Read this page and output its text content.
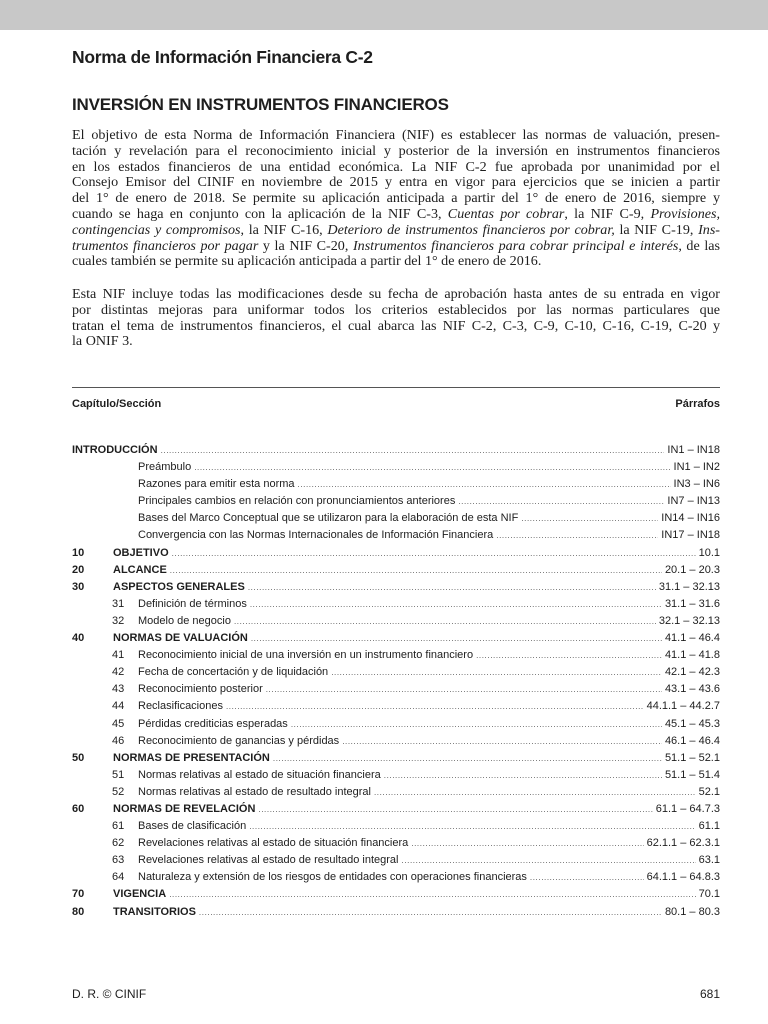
Norma de Información Financiera C-2
INVERSIÓN EN INSTRUMENTOS FINANCIEROS
El objetivo de esta Norma de Información Financiera (NIF) es establecer las normas de valuación, presen-
tación y revelación para el reconocimiento inicial y posterior de la inversión en instrumentos financieros
en los estados financieros de una entidad económica. La NIF C-2 fue aprobada por unanimidad por el
Consejo Emisor del CINIF en noviembre de 2015 y entra en vigor para ejercicios que se inicien a partir
del 1° de enero de 2018. Se permite su aplicación anticipada a partir del 1° de enero de 2016, siempre y
cuando se haga en conjunto con la aplicación de la NIF C-3, Cuentas por cobrar, la NIF C-9, Provisiones,
contingencias y compromisos, la NIF C-16, Deterioro de instrumentos financieros por cobrar, la NIF C-19, Ins-
trumentos financieros por pagar y la NIF C-20, Instrumentos financieros para cobrar principal e interés, de las
cuales también se permite su aplicación anticipada a partir del 1° de enero de 2016.
Esta NIF incluye todas las modificaciones desde su fecha de aprobación hasta antes de su entrada en vigor
por distintas mejoras para uniformar todos los criterios establecidos por las normas particulares que
tratan el tema de instrumentos financieros, el cual abarca las NIF C-2, C-3, C-9, C-10, C-16, C-19, C-20 y
la ONIF 3.
Capítulo/Sección	Párrafos
INTRODUCCIÓN .....	IN1 – IN18
Preámbulo .....	IN1 – IN2
Razones para emitir esta norma .....	IN3 – IN6
Principales cambios en relación con pronunciamientos anteriores .....	IN7 – IN13
Bases del Marco Conceptual que se utilizaron para la elaboración de esta NIF .....	IN14 – IN16
Convergencia con las Normas Internacionales de Información Financiera .....	IN17 – IN18
10	OBJETIVO .....	10.1
20	ALCANCE .....	20.1 – 20.3
30	ASPECTOS GENERALES .....	31.1 – 32.13
31 Definición de términos .....	31.1 – 31.6
32 Modelo de negocio .....	32.1 – 32.13
40	NORMAS DE VALUACIÓN .....	41.1 – 46.4
41 Reconocimiento inicial de una inversión en un instrumento financiero .....	41.1 – 41.8
42 Fecha de concertación y de liquidación .....	42.1 – 42.3
43 Reconocimiento posterior .....	43.1 – 43.6
44 Reclasificaciones .....	44.1.1 – 44.2.7
45 Pérdidas crediticias esperadas .....	45.1 – 45.3
46 Reconocimiento de ganancias y pérdidas .....	46.1 – 46.4
50	NORMAS DE PRESENTACIÓN .....	51.1 – 52.1
51 Normas relativas al estado de situación financiera .....	51.1 – 51.4
52 Normas relativas al estado de resultado integral .....	52.1
60	NORMAS DE REVELACIÓN .....	61.1 – 64.7.3
61 Bases de clasificación .....	61.1
62 Revelaciones relativas al estado de situación financiera .....	62.1.1 – 62.3.1
63 Revelaciones relativas al estado de resultado integral .....	63.1
64 Naturaleza y extensión de los riesgos de entidades con operaciones financieras .....	64.1.1 – 64.8.3
70	VIGENCIA .....	70.1
80	TRANSITORIOS .....	80.1 – 80.3
D. R. © CINIF	681
